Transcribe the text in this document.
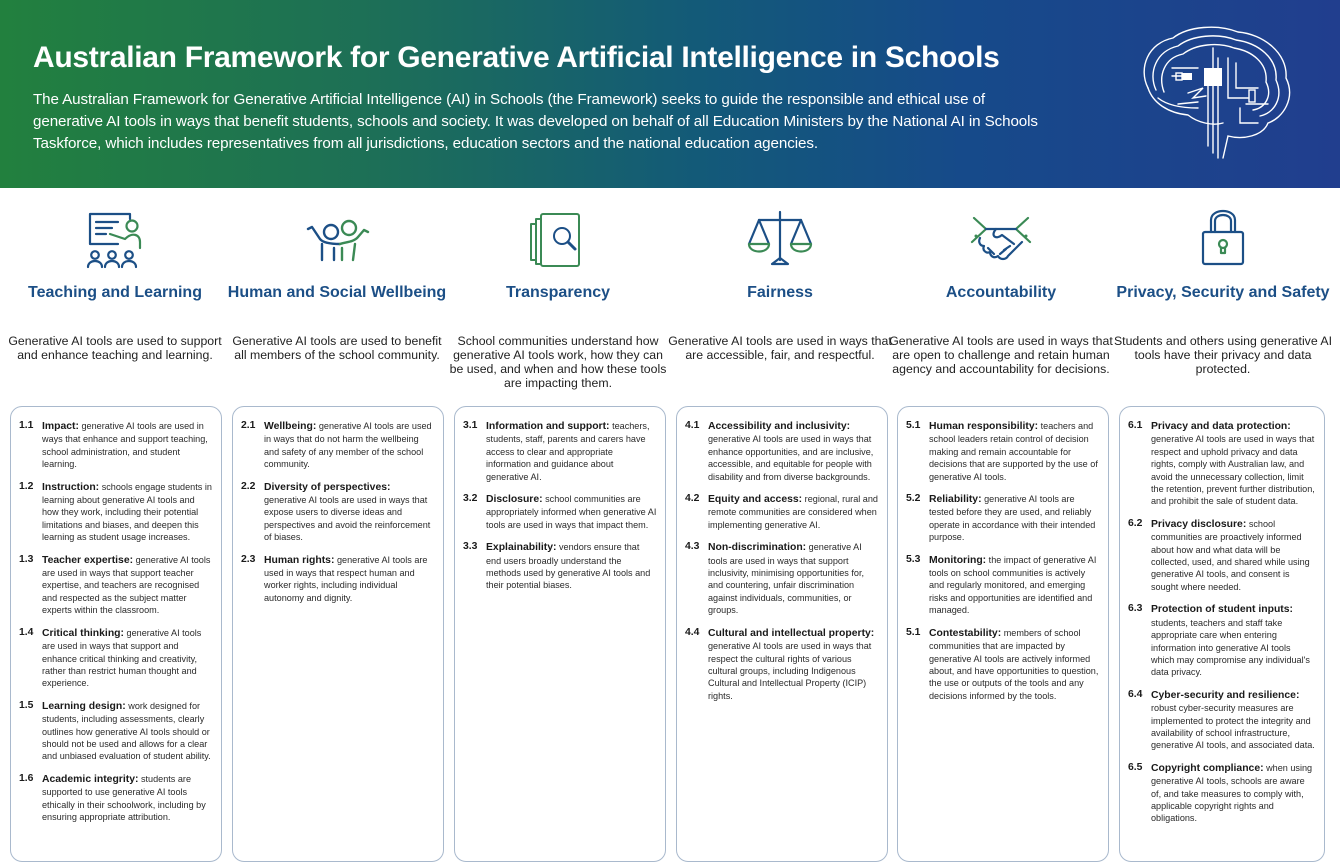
Australian Framework for Generative Artificial Intelligence in Schools

The Australian Framework for Generative Artificial Intelligence (AI) in Schools (the Framework) seeks to guide the responsible and ethical use of generative AI tools in ways that benefit students, schools and society. It was developed on behalf of all Education Ministers by the National AI in Schools Taskforce, which includes representatives from all jurisdictions, education sectors and the national education agencies.

Teaching and Learning
Generative AI tools are used to support and enhance teaching and learning.
Human and Social Wellbeing
Generative AI tools are used to benefit all members of the school community.
Transparency
School communities understand how generative AI tools work, how they can be used, and when and how these tools are impacting them.
Fairness
Generative AI tools are used in ways that are accessible, fair, and respectful.
Accountability
Generative AI tools are used in ways that are open to challenge and retain human agency and accountability for decisions.
Privacy, Security and Safety
Students and others using generative AI tools have their privacy and data protected.
1.1 Impact: generative AI tools are used in ways that enhance and support teaching, school administration, and student learning.
1.2 Instruction: schools engage students in learning about generative AI tools and how they work, including their potential limitations and biases, and deepen this learning as student usage increases.
1.3 Teacher expertise: generative AI tools are used in ways that support teacher expertise, and teachers are recognised and respected as the subject matter experts within the classroom.
1.4 Critical thinking: generative AI tools are used in ways that support and enhance critical thinking and creativity, rather than restrict human thought and experience.
1.5 Learning design: work designed for students, including assessments, clearly outlines how generative AI tools should or should not be used and allows for a clear and unbiased evaluation of student ability.
1.6 Academic integrity: students are supported to use generative AI tools ethically in their schoolwork, including by ensuring appropriate attribution.
2.1 Wellbeing: generative AI tools are used in ways that do not harm the wellbeing and safety of any member of the school community.
2.2 Diversity of perspectives: generative AI tools are used in ways that expose users to diverse ideas and perspectives and avoid the reinforcement of biases.
2.3 Human rights: generative AI tools are used in ways that respect human and worker rights, including individual autonomy and dignity.
3.1 Information and support: teachers, students, staff, parents and carers have access to clear and appropriate information and guidance about generative AI.
3.2 Disclosure: school communities are appropriately informed when generative AI tools are used in ways that impact them.
3.3 Explainability: vendors ensure that end users broadly understand the methods used by generative AI tools and their potential biases.
4.1 Accessibility and inclusivity: generative AI tools are used in ways that enhance opportunities, and are inclusive, accessible, and equitable for people with disability and from diverse backgrounds.
4.2 Equity and access: regional, rural and remote communities are considered when implementing generative AI.
4.3 Non-discrimination: generative AI tools are used in ways that support inclusivity, minimising opportunities for, and countering, unfair discrimination against individuals, communities, or groups.
4.4 Cultural and intellectual property: generative AI tools are used in ways that respect the cultural rights of various cultural groups, including Indigenous Cultural and Intellectual Property (ICIP) rights.
5.1 Human responsibility: teachers and school leaders retain control of decision making and remain accountable for decisions that are supported by the use of generative AI tools.
5.2 Reliability: generative AI tools are tested before they are used, and reliably operate in accordance with their intended purpose.
5.3 Monitoring: the impact of generative AI tools on school communities is actively and regularly monitored, and emerging risks and opportunities are identified and managed.
5.1 Contestability: members of school communities that are impacted by generative AI tools are actively informed about, and have opportunities to question, the use or outputs of the tools and any decisions informed by the tools.
6.1 Privacy and data protection: generative AI tools are used in ways that respect and uphold privacy and data rights, comply with Australian law, and avoid the unnecessary collection, limit the retention, prevent further distribution, and prohibit the sale of student data.
6.2 Privacy disclosure: school communities are proactively informed about how and what data will be collected, used, and shared while using generative AI tools, and consent is sought where needed.
6.3 Protection of student inputs: students, teachers and staff take appropriate care when entering information into generative AI tools which may compromise any individual's data privacy.
6.4 Cyber-security and resilience: robust cyber-security measures are implemented to protect the integrity and availability of school infrastructure, generative AI tools, and associated data.
6.5 Copyright compliance: when using generative AI tools, schools are aware of, and take measures to comply with, applicable copyright rights and obligations.
